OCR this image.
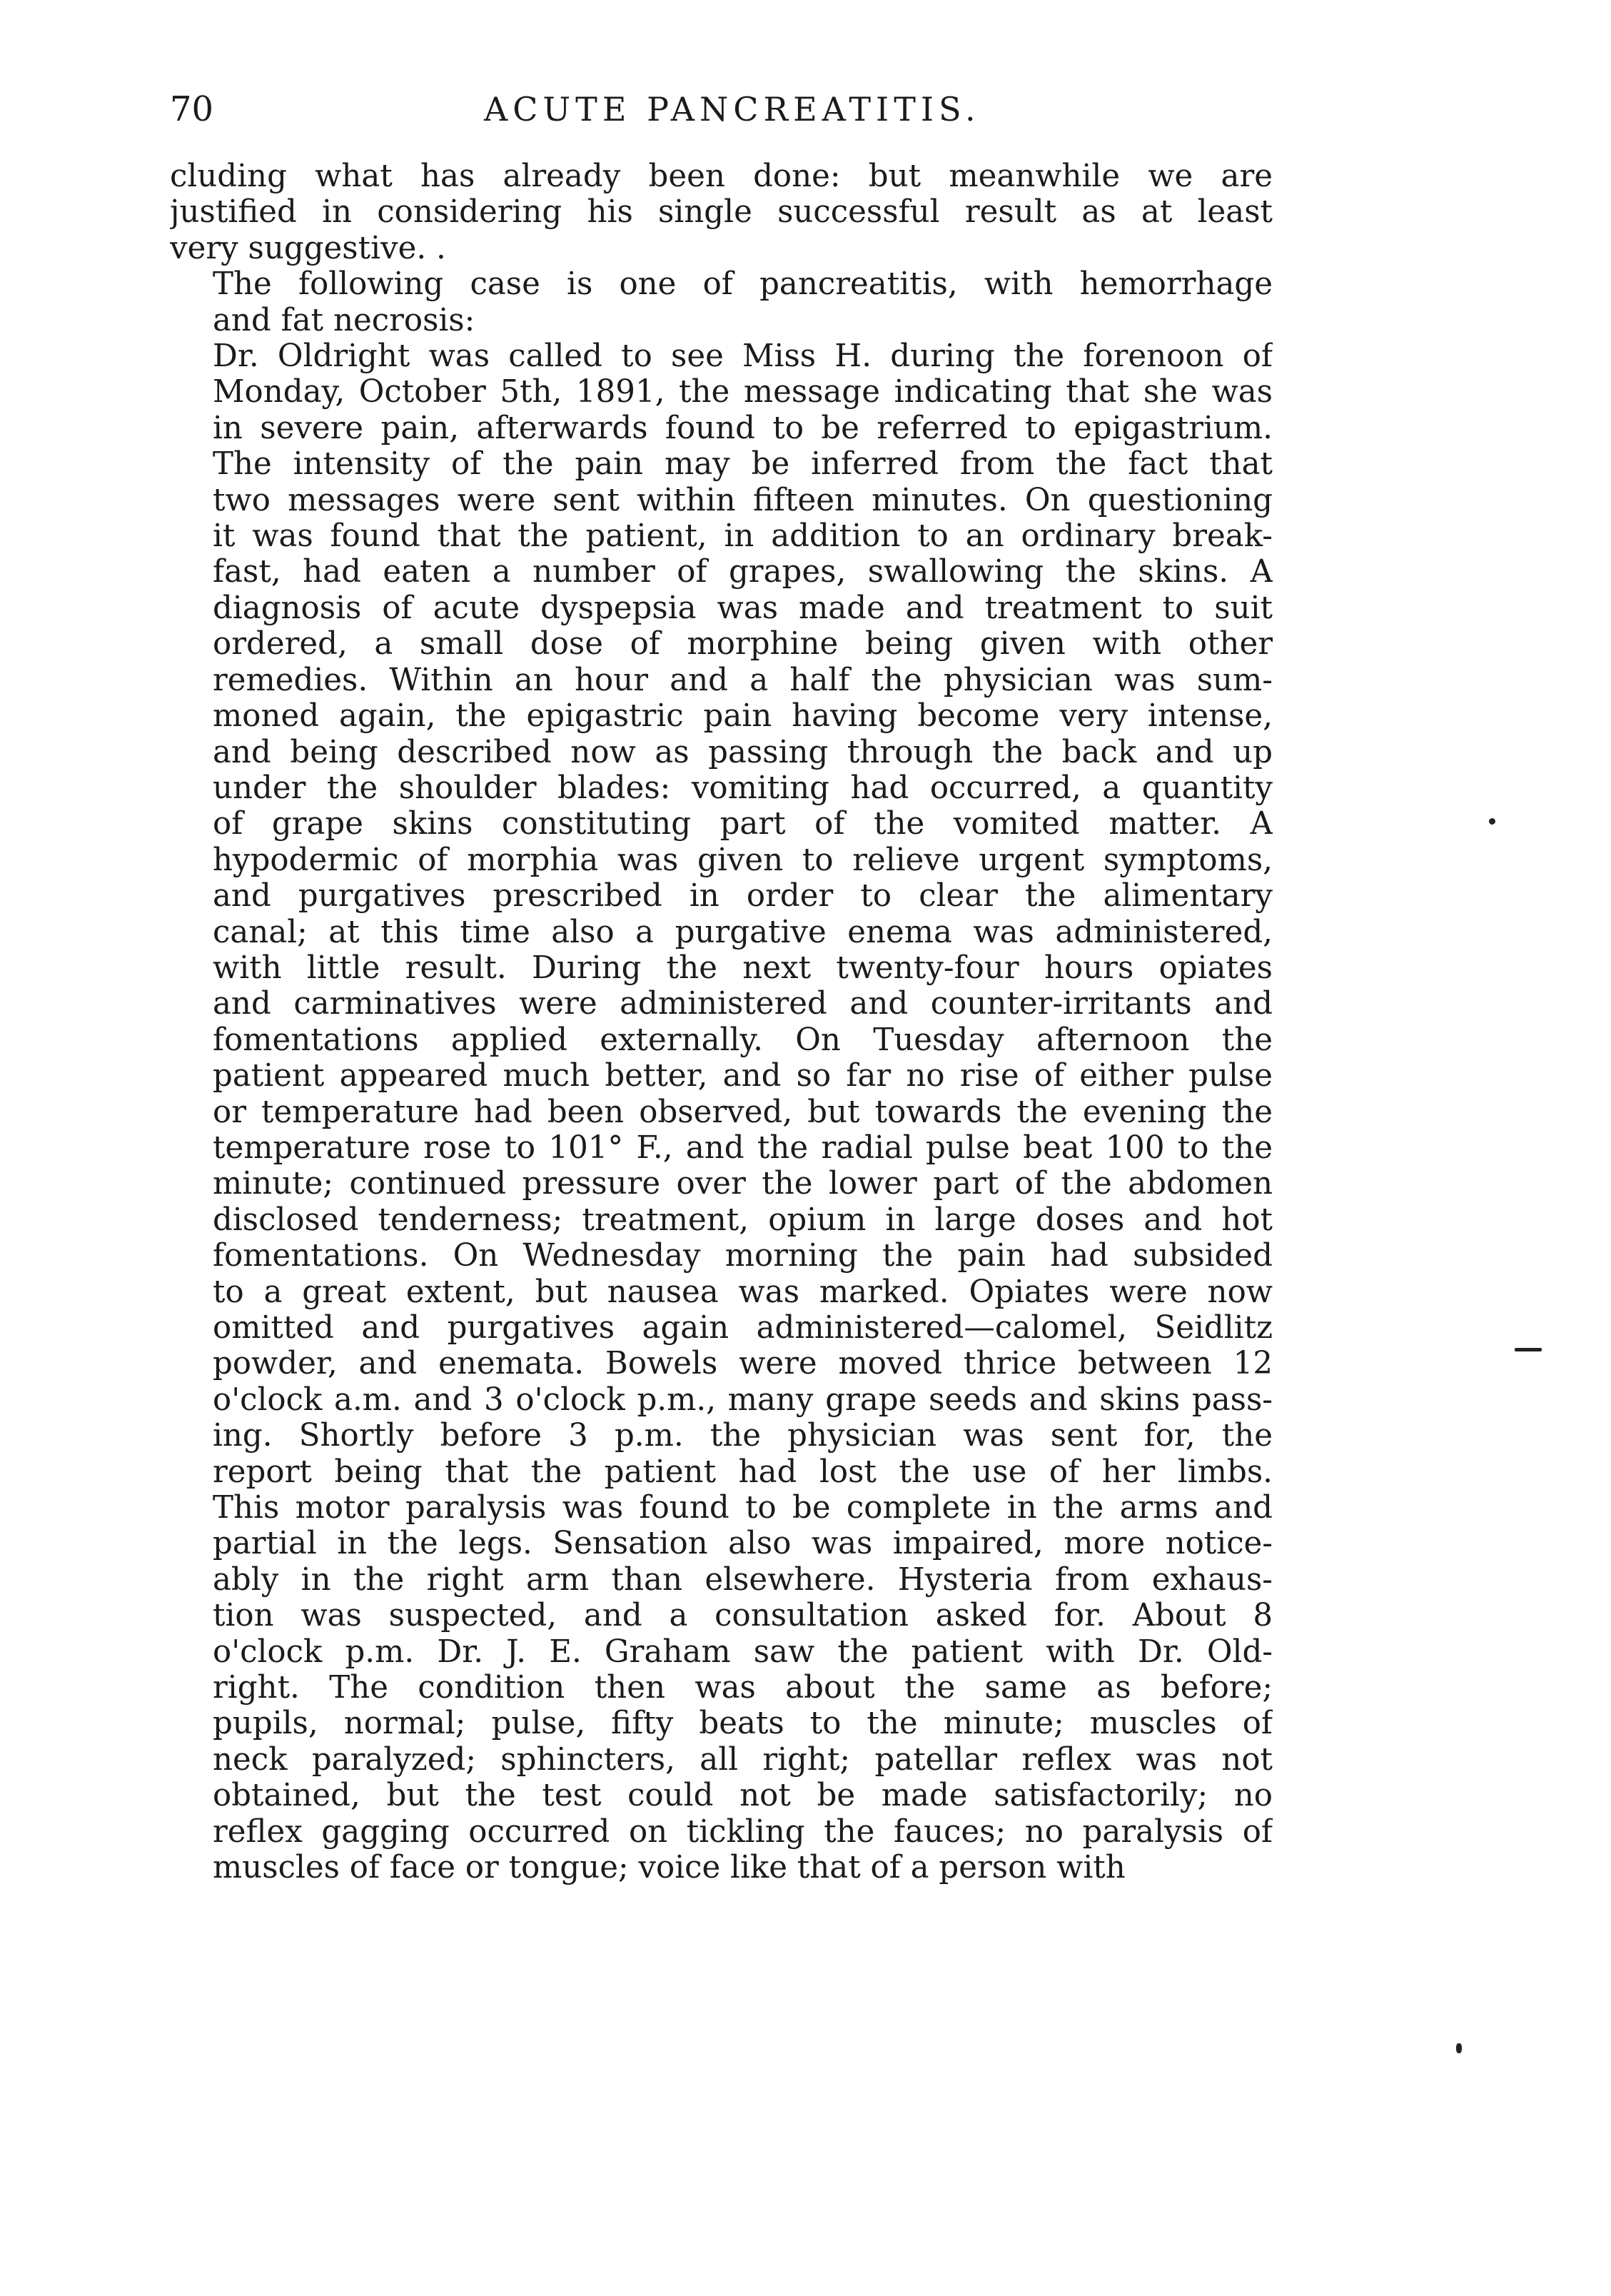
70	ACUTE PANCREATITIS.
cluding what has already been done: but meanwhile we are
justified in considering his single successful result as at least
very suggestive. .
The following case is one of pancreatitis, with hemorrhage
and fat necrosis:
Dr. Oldright was called to see Miss H. during the forenoon of
Monday, October 5th, 1891, the message indicating that she was
in severe pain, afterwards found to be referred to epigastrium.
The intensity of the pain may be inferred from the fact that
two messages were sent within fifteen minutes. On questioning
it was found that the patient, in addition to an ordinary break-
fast, had eaten a number of grapes, swallowing the skins. A
diagnosis of acute dyspepsia was made and treatment to suit
ordered, a small dose of morphine being given with other
remedies. Within an hour and a half the physician was sum-
moned again, the epigastric pain having become very intense,
and being described now as passing through the back and up
under the shoulder blades: vomiting had occurred, a quantity
of grape skins constituting part of the vomited matter. A
hypodermic of morphia was given to relieve urgent symptoms,
and purgatives prescribed in order to clear the alimentary
canal; at this time also a purgative enema was administered,
with little result. During the next twenty-four hours opiates
and carminatives were administered and counter-irritants and
fomentations applied externally. On Tuesday afternoon the
patient appeared much better, and so far no rise of either pulse
or temperature had been observed, but towards the evening the
temperature rose to 101° F., and the radial pulse beat 100 to the
minute; continued pressure over the lower part of the abdomen
disclosed tenderness; treatment, opium in large doses and hot
fomentations. On Wednesday morning the pain had subsided
to a great extent, but nausea was marked. Opiates were now
omitted and purgatives again administered—calomel, Seidlitz
powder, and enemata. Bowels were moved thrice between 12
o'clock a.m. and 3 o'clock p.m., many grape seeds and skins pass-
ing. Shortly before 3 p.m. the physician was sent for, the
report being that the patient had lost the use of her limbs.
This motor paralysis was found to be complete in the arms and
partial in the legs. Sensation also was impaired, more notice-
ably in the right arm than elsewhere. Hysteria from exhaus-
tion was suspected, and a consultation asked for. About 8
o'clock p.m. Dr. J. E. Graham saw the patient with Dr. Old-
right. The condition then was about the same as before;
pupils, normal; pulse, fifty beats to the minute; muscles of
neck paralyzed; sphincters, all right; patellar reflex was not
obtained, but the test could not be made satisfactorily; no
reflex gagging occurred on tickling the fauces; no paralysis of
muscles of face or tongue; voice like that of a person with
